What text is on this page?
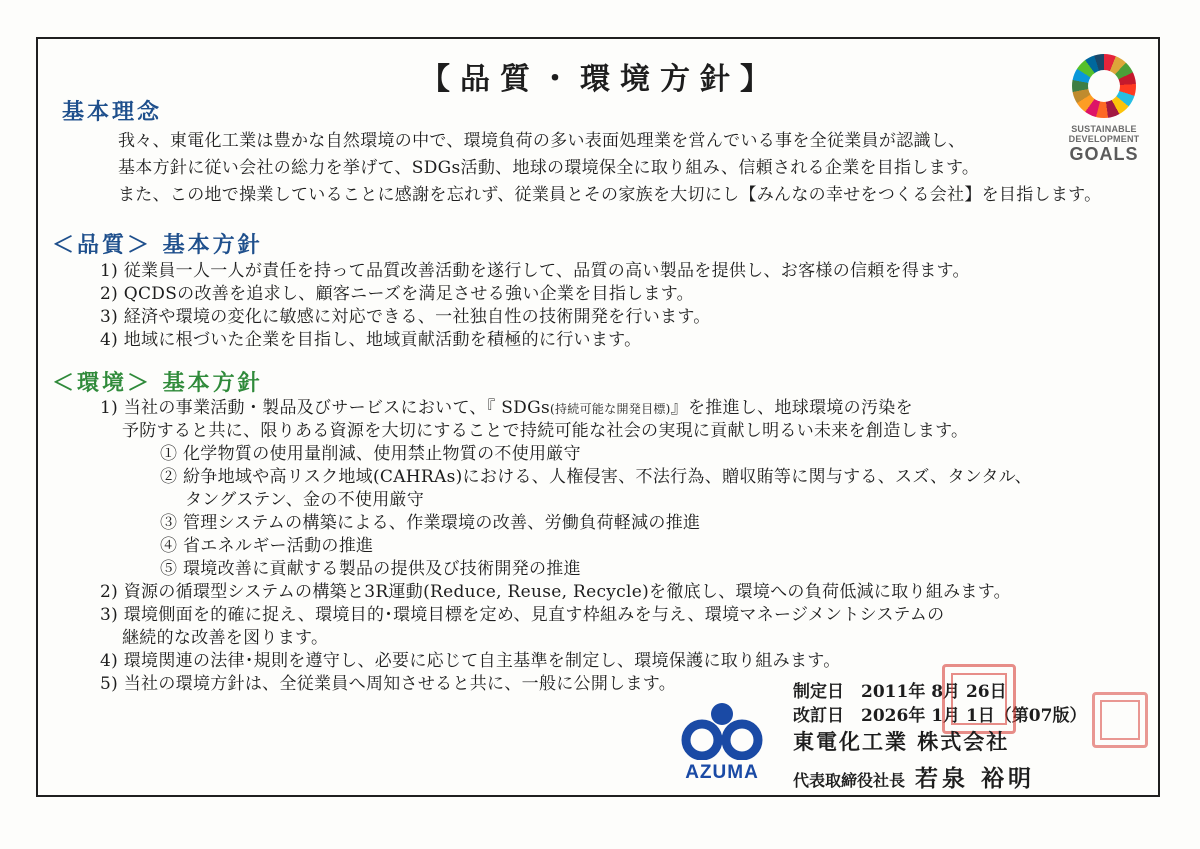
【品質・環境方針】
SUSTAINABLE
DEVELOPMENT
GOALS
基本理念
我々、東電化工業は豊かな自然環境の中で、環境負荷の多い表面処理業を営んでいる事を全従業員が認識し、
基本方針に従い会社の総力を挙げて、SDGs活動、地球の環境保全に取り組み、信頼される企業を目指します。
また、この地で操業していることに感謝を忘れず、従業員とその家族を大切にし【みんなの幸せをつくる会社】を目指します。
＜品質＞ 基本方針
1) 従業員一人一人が責任を持って品質改善活動を遂行して、品質の高い製品を提供し、お客様の信頼を得ます。
2) QCDSの改善を追求し、顧客ニーズを満足させる強い企業を目指します。
3) 経済や環境の変化に敏感に対応できる、一社独自性の技術開発を行います。
4) 地域に根づいた企業を目指し、地域貢献活動を積極的に行います。
＜環境＞ 基本方針
1) 当社の事業活動・製品及びサービスにおいて、『 SDGs(持続可能な開発目標)』を推進し、地球環境の汚染を
予防すると共に、限りある資源を大切にすることで持続可能な社会の実現に貢献し明るい未来を創造します。
① 化学物質の使用量削減、使用禁止物質の不使用厳守
② 紛争地域や高リスク地域(CAHRAs)における、人権侵害、不法行為、贈収賄等に関与する、スズ、タンタル、
タングステン、金の不使用厳守
③ 管理システムの構築による、作業環境の改善、労働負荷軽減の推進
④ 省エネルギー活動の推進
⑤ 環境改善に貢献する製品の提供及び技術開発の推進
2) 資源の循環型システムの構築と3R運動(Reduce, Reuse, Recycle)を徹底し、環境への負荷低減に取り組みます。
3) 環境側面を的確に捉え、環境目的･環境目標を定め、見直す枠組みを与え、環境マネージメントシステムの
継続的な改善を図ります。
4) 環境関連の法律･規則を遵守し、必要に応じて自主基準を制定し、環境保護に取り組みます。
5) 当社の環境方針は、全従業員へ周知させると共に、一般に公開します。
AZUMA
制定日　2011年 8月 26日
改訂日　2026年 1月 1日（第07版）
東電化工業 株式会社
代表取締役社長 若泉 裕明
